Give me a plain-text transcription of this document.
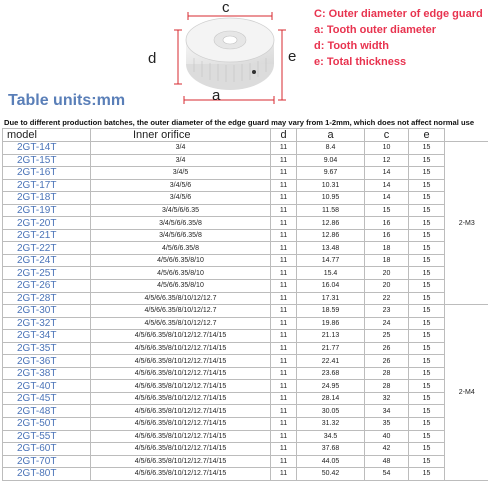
c
d	e
a
C: Outer diameter of edge guard
a: Tooth outer diameter
d: Tooth width
e: Total thickness
Table units:mm
Due to different production batches, the outer diameter of the edge guard may vary from 1-2mm, which does not affect normal use
model	Inner orifice	d	a	c	e	
2GT-14T	3/4	11	8.4	10	15	2-M3
2GT-15T	3/4	11	9.04	12	15	
2GT-16T	3/4/5	11	9.67	14	15	
2GT-17T	3/4/5/6	11	10.31	14	15	
2GT-18T	3/4/5/6	11	10.95	14	15	
2GT-19T	3/4/5/6/6.35	11	11.58	15	15	
2GT-20T	3/4/5/6/6.35/8	11	12.86	16	15	
2GT-21T	3/4/5/6/6.35/8	11	12.86	16	15	
2GT-22T	4/5/6/6.35/8	11	13.48	18	15	
2GT-24T	4/5/6/6.35/8/10	11	14.77	18	15	
2GT-25T	4/5/6/6.35/8/10	11	15.4	20	15	
2GT-26T	4/5/6/6.35/8/10	11	16.04	20	15	
2GT-28T	4/5/6/6.35/8/10/12/12.7	11	17.31	22	15	
2GT-30T	4/5/6/6.35/8/10/12/12.7	11	18.59	23	15	2-M4
2GT-32T	4/5/6/6.35/8/10/12/12.7	11	19.86	24	15	
2GT-34T	4/5/6/6.35/8/10/12/12.7/14/15	11	21.13	25	15	
2GT-35T	4/5/6/6.35/8/10/12/12.7/14/15	11	21.77	26	15	
2GT-36T	4/5/6/6.35/8/10/12/12.7/14/15	11	22.41	26	15	
2GT-38T	4/5/6/6.35/8/10/12/12.7/14/15	11	23.68	28	15	
2GT-40T	4/5/6/6.35/8/10/12/12.7/14/15	11	24.95	28	15	
2GT-45T	4/5/6/6.35/8/10/12/12.7/14/15	11	28.14	32	15	
2GT-48T	4/5/6/6.35/8/10/12/12.7/14/15	11	30.05	34	15	
2GT-50T	4/5/6/6.35/8/10/12/12.7/14/15	11	31.32	35	15	
2GT-55T	4/5/6/6.35/8/10/12/12.7/14/15	11	34.5	40	15	
2GT-60T	4/5/6/6.35/8/10/12/12.7/14/15	11	37.68	42	15	
2GT-70T	4/5/6/6.35/8/10/12/12.7/14/15	11	44.05	48	15	
2GT-80T	4/5/6/6.35/8/10/12/12.7/14/15	11	50.42	54	15	
